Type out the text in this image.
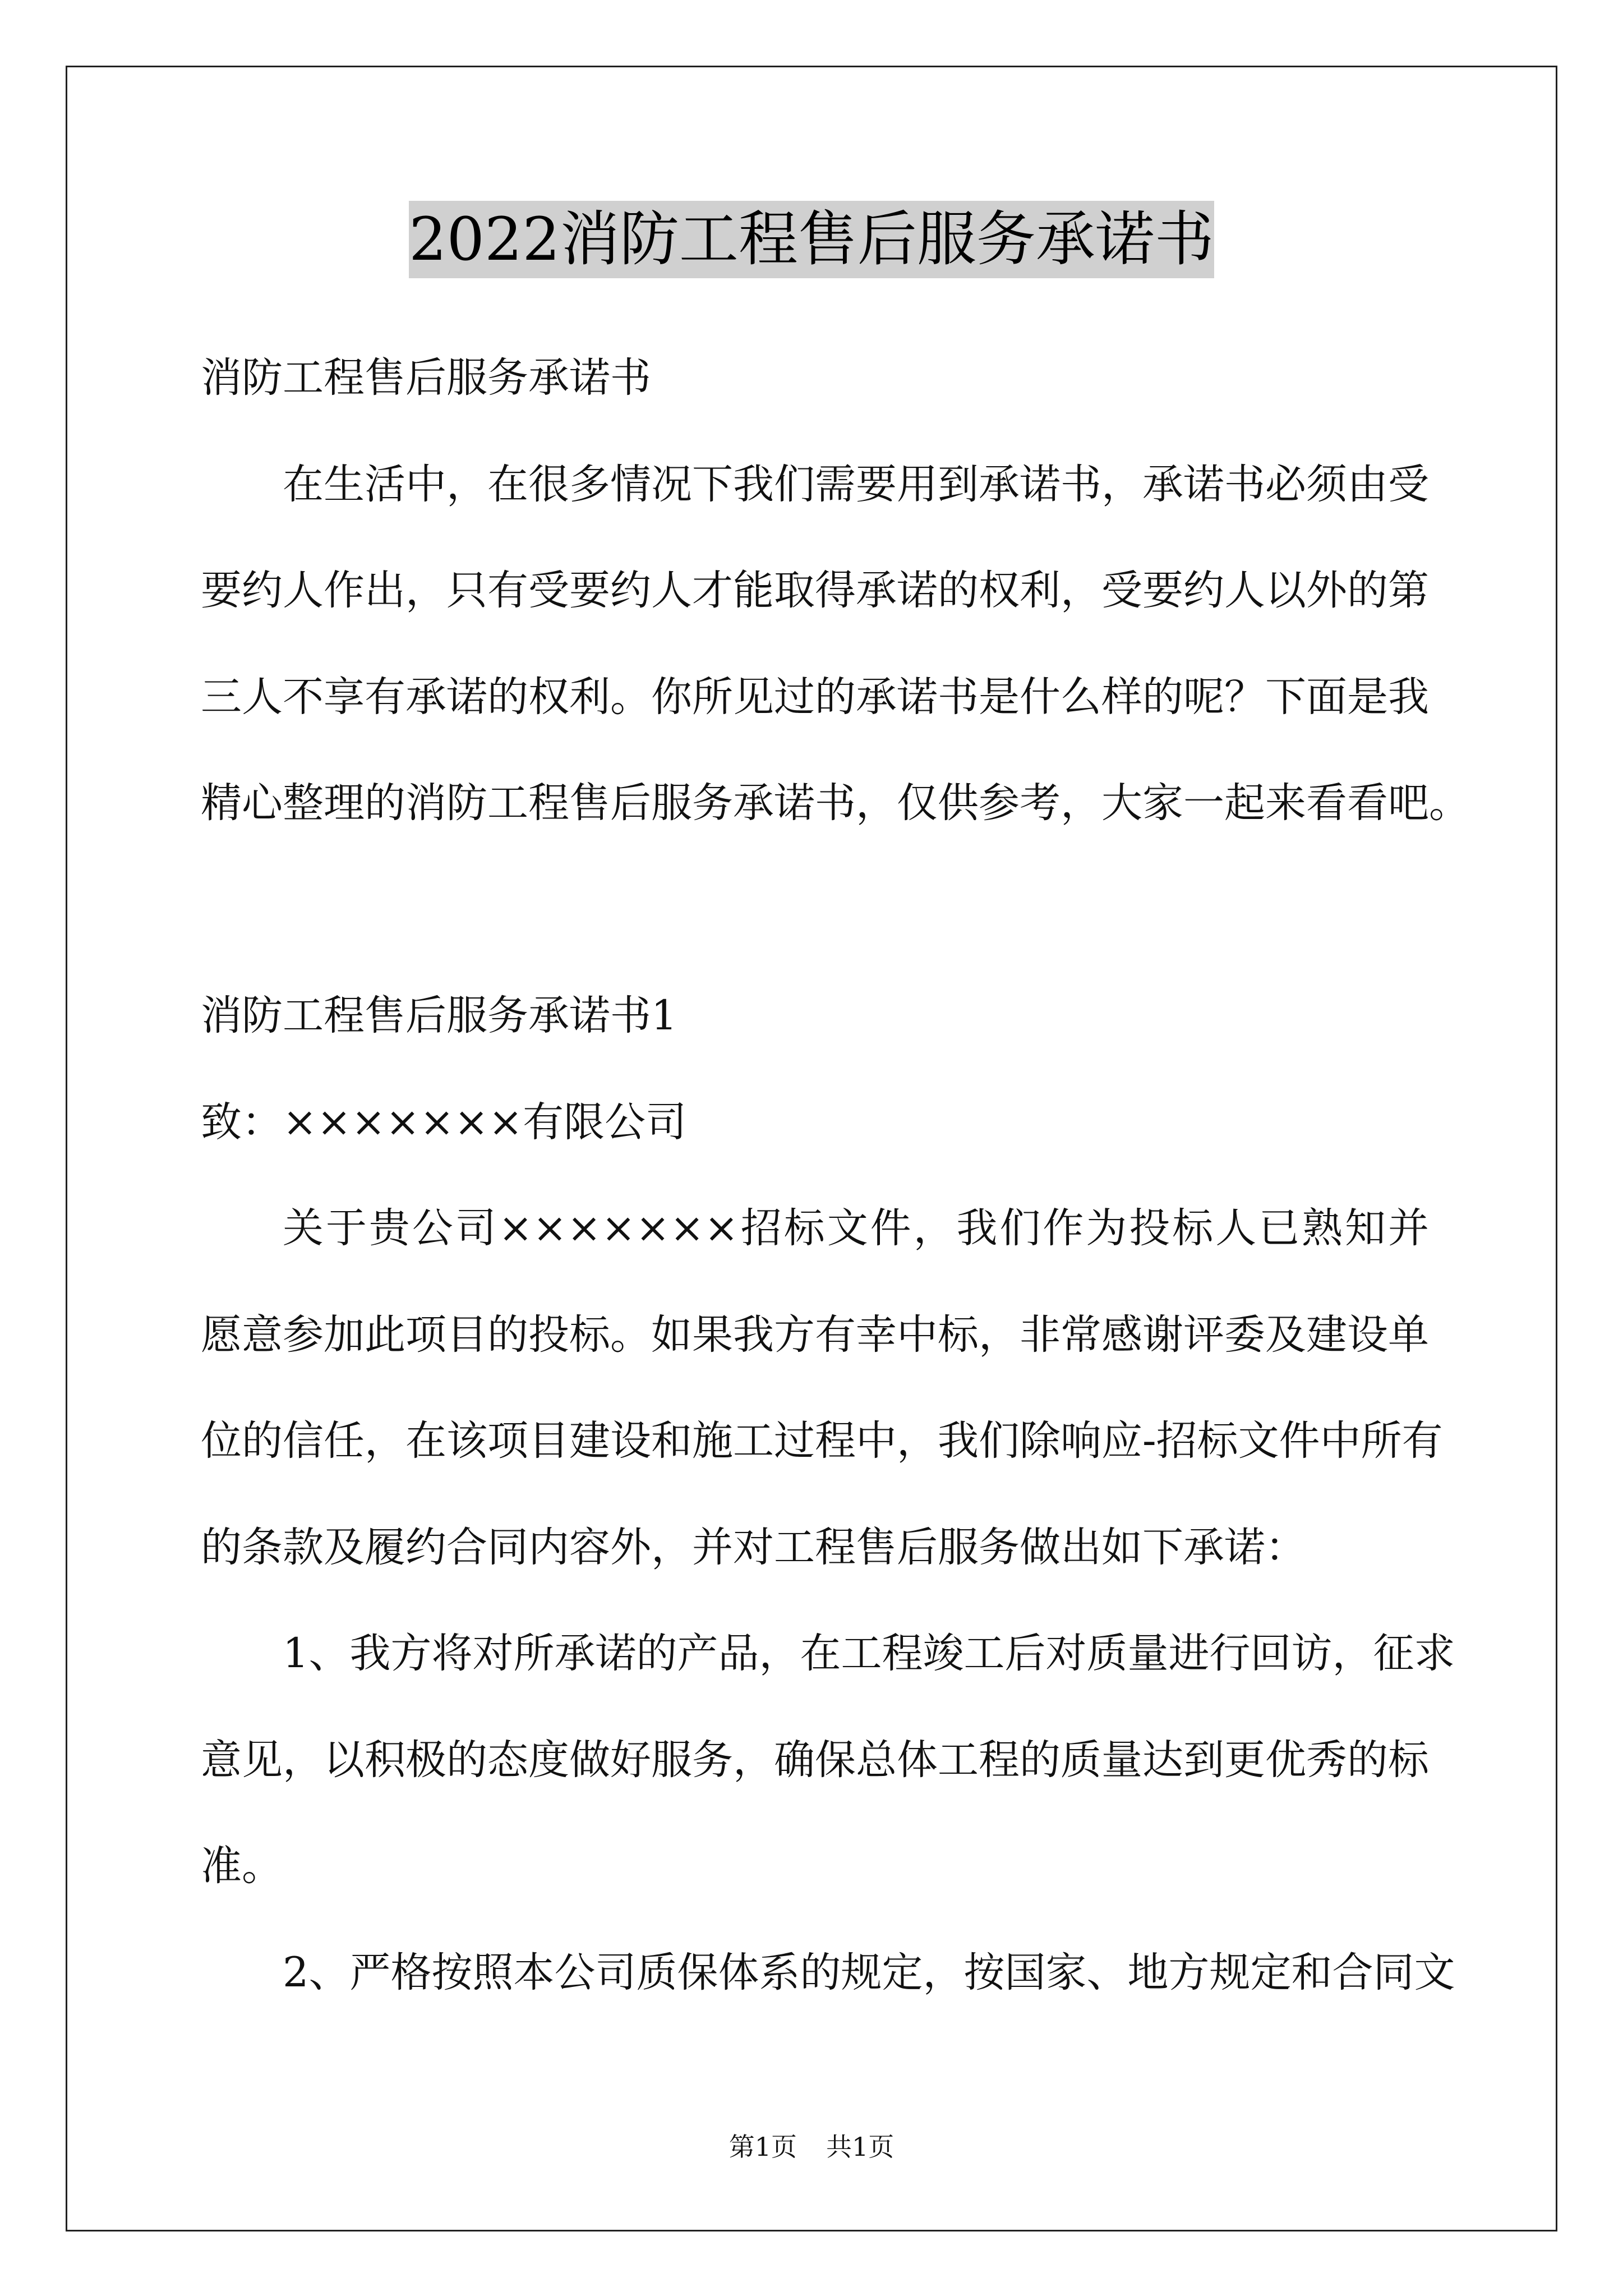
2022消防工程售后服务承诺书
消防工程售后服务承诺书
在生活中，在很多情况下我们需要用到承诺书，承诺书必须由受
要约人作出，只有受要约人才能取得承诺的权利，受要约人以外的第
三人不享有承诺的权利。你所见过的承诺书是什么样的呢？下面是我
精心整理的消防工程售后服务承诺书，仅供参考，大家一起来看看吧。
消防工程售后服务承诺书1
致：×××××××有限公司
关于贵公司×××××××招标文件，我们作为投标人已熟知并
愿意参加此项目的投标。如果我方有幸中标，非常感谢评委及建设单
位的信任，在该项目建设和施工过程中，我们除响应-招标文件中所有
的条款及履约合同内容外，并对工程售后服务做出如下承诺：
1、我方将对所承诺的产品，在工程竣工后对质量进行回访，征求
意见，以积极的态度做好服务，确保总体工程的质量达到更优秀的标
准。
2、严格按照本公司质保体系的规定，按国家、地方规定和合同文
第1页 共1页
